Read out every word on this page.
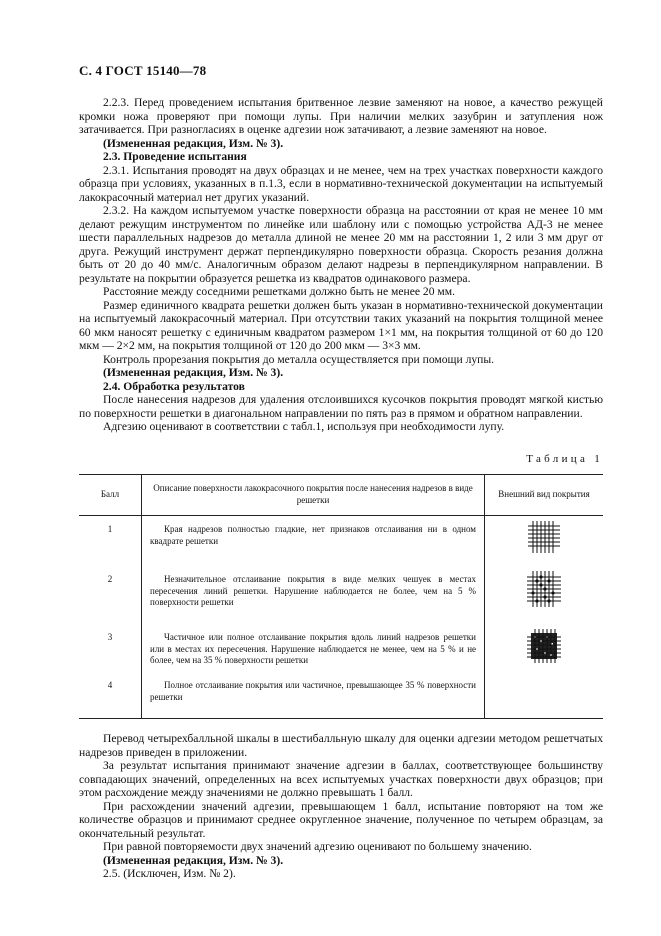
С. 4 ГОСТ 15140—78

2.2.3. Перед проведением испытания бритвенное лезвие заменяют на новое, а качество режущей кромки ножа проверяют при помощи лупы. При наличии мелких зазубрин и затупления нож затачивается. При разногласиях в оценке адгезии нож затачивают, а лезвие заменяют на новое.

(Измененная редакция, Изм. № 3).

2.3. Проведение испытания

2.3.1. Испытания проводят на двух образцах и не менее, чем на трех участках поверхности каждого образца при условиях, указанных в п.1.3, если в нормативно-технической документации на испытуемый лакокрасочный материал нет других указаний.

2.3.2. На каждом испытуемом участке поверхности образца на расстоянии от края не менее 10 мм делают режущим инструментом по линейке или шаблону или с помощью устройства АД-3 не менее шести параллельных надрезов до металла длиной не менее 20 мм на расстоянии 1, 2 или 3 мм друг от друга. Режущий инструмент держат перпендикулярно поверхности образца. Скорость резания должна быть от 20 до 40 мм/с. Аналогичным образом делают надрезы в перпендикулярном направлении. В результате на покрытии образуется решетка из квадратов одинакового размера.

Расстояние между соседними решетками должно быть не менее 20 мм.

Размер единичного квадрата решетки должен быть указан в нормативно-технической документации на испытуемый лакокрасочный материал. При отсутствии таких указаний на покрытия толщиной менее 60 мкм наносят решетку с единичным квадратом размером 1×1 мм, на покрытия толщиной от 60 до 120 мкм — 2×2 мм, на покрытия толщиной от 120 до 200 мкм — 3×3 мм.

Контроль прорезания покрытия до металла осуществляется при помощи лупы.

(Измененная редакция, Изм. № 3).

2.4. Обработка результатов

После нанесения надрезов для удаления отслоившихся кусочков покрытия проводят мягкой кистью по поверхности решетки в диагональном направлении по пять раз в прямом и обратном направлении.

Адгезию оценивают в соответствии с табл.1, используя при необходимости лупу.

Таблица 1
Балл	Описание поверхности лакокрасочного покрытия после нанесения надрезов в виде решетки	Внешний вид покрытия
1	Края надрезов полностью гладкие, нет признаков отслаивания ни в одном квадрате решетки

2	Незначительное отслаивание покрытия в виде мелких чешуек в местах пересечения линий решетки. Нарушение наблюдается не более, чем на 5 % поверхности решетки

3	Частичное или полное отслаивание покрытия вдоль линий надрезов решетки или в местах их пересечения. Нарушение наблюдается не менее, чем на 5 % и не более, чем на 35 % поверхности решетки

4	Полное отслаивание покрытия или частичное, превышающее 35 % поверхности решетки	

Перевод четырехбалльной шкалы в шестибалльную шкалу для оценки адгезии методом решетчатых надрезов приведен в приложении.

За результат испытания принимают значение адгезии в баллах, соответствующее большинству совпадающих значений, определенных на всех испытуемых участках поверхности двух образцов; при этом расхождение между значениями не должно превышать 1 балл.

При расхождении значений адгезии, превышающем 1 балл, испытание повторяют на том же количестве образцов и принимают среднее округленное значение, полученное по четырем образцам, за окончательный результат.

При равной повторяемости двух значений адгезию оценивают по большему значению.

(Измененная редакция, Изм. № 3).

2.5. (Исключен, Изм. № 2).
